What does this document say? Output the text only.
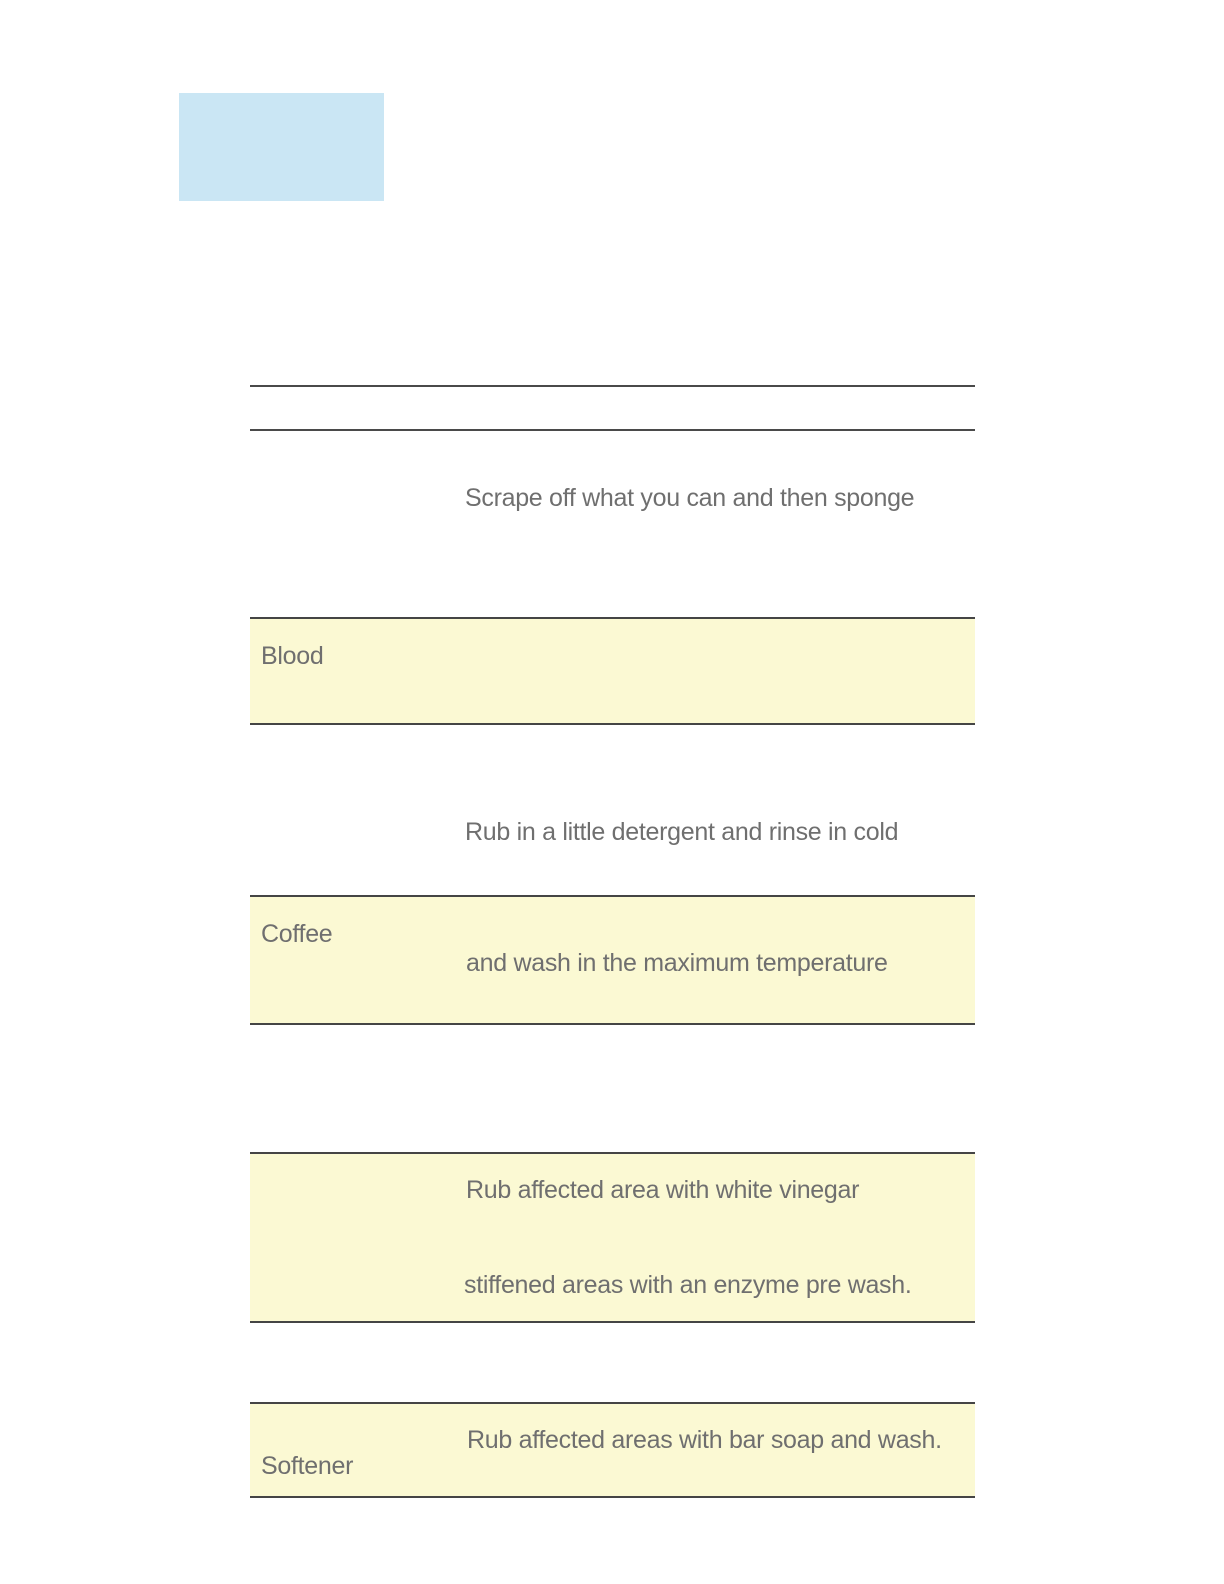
Scrape off what you can and then sponge
Blood
Rub in a little detergent and rinse in cold
Coffee
and wash in the maximum temperature
Rub affected area with white vinegar
stiffened areas with an enzyme pre wash.
Rub affected areas with bar soap and wash.
Softener
